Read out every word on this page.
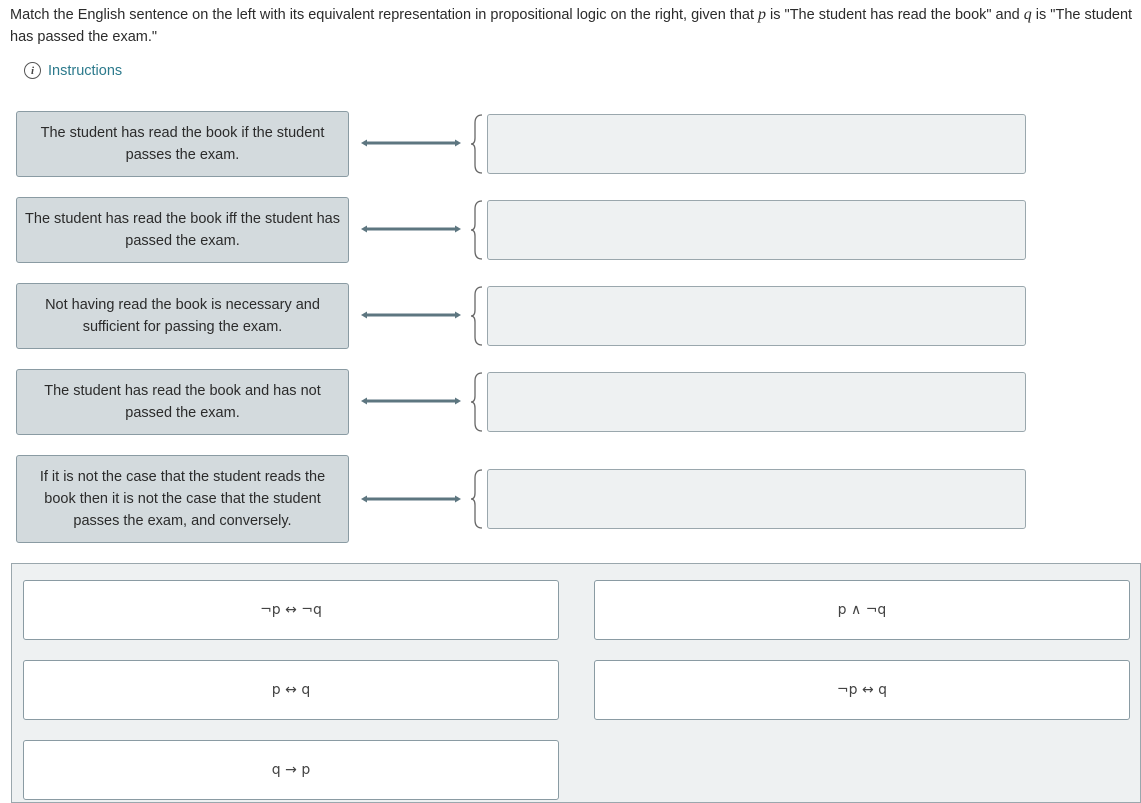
Match the English sentence on the left with its equivalent representation in propositional logic on the right, given that p is "The student has read the book" and q is "The student has passed the exam."
i Instructions
The student has read the book if the student passes the exam.
The student has read the book iff the student has passed the exam.
Not having read the book is necessary and sufficient for passing the exam.
The student has read the book and has not passed the exam.
If it is not the case that the student reads the book then it is not the case that the student passes the exam, and conversely.
¬p ↔ ¬q	p ∧ ¬q
p ↔ q	¬p ↔ q
q → p
